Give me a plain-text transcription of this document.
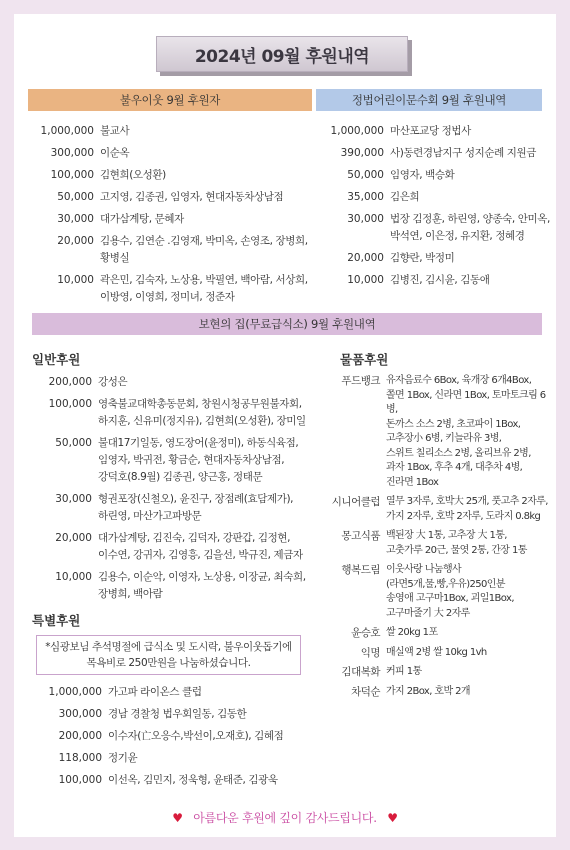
2024년 09월 후원내역
불우이웃 9월 후원자	정법어린이문수회 9월 후원내역
1,000,000 불교사
300,000 이순옥
100,000 김현희(오성환)
50,000 고지영, 김종권, 임영자, 현대자동차상남점
30,000 대가삼계탕, 문혜자
20,000 김용수, 김연순 .김영재, 박미옥, 손영조, 장병희,
황병실
10,000 곽은민, 김숙자, 노상용, 박필연, 백아람, 서상희,
이방영, 이영희, 정미녀, 정준자
1,000,000 마산포교당 정법사
390,000 사)동련경남지구 성지순례 지원금
50,000 임영자, 백승화
35,000 김은희
30,000 법장 김정훈, 하린영, 양종숙, 안미옥,
박석연, 이은정, 유지환, 정혜경
20,000 김향란, 박정미
10,000 김병진, 김시윤, 김동애
보현의 집(무료급식소) 9월 후원내역
일반후원
200,000 강성은
100,000 영축불교대학총동문회, 창원시청공무원불자회,
하지훈, 신유미(정지유), 김현희(오성환), 장미일
50,000 불대17기일동, 영도장어(윤정미), 하동식육점,
임영자, 박귀전, 황금순, 현대자동차상남점,
강덕호(8.9월) 김종권, 양근홍, 정태문
30,000 형권포장(신철오), 윤진구, 장점례(효담제가),
하린영, 마산가고파방문
20,000 대가삼계탕, 김진숙, 김덕자, 강판갑, 김정현,
이수연, 강귀자, 김영흥, 김을선, 박규진, 제금자
10,000 김용수, 이순악, 이영자, 노상용, 이장균, 최숙희,
장병희, 백아람
특별후원
*심광보님 추석명절에 급식소 및 도시락, 불우이웃돕기에
목욕비로 250만원을 나눔하셨습니다.
1,000,000 가고파 라이온스 클럽
300,000 경남 경찰청 법우회일동, 김동한
200,000 이수자(亡오응수,박선이,오재호), 김혜점
118,000 정기윤
100,000 이선옥, 김민지, 정욱형, 윤태준, 김광욱
물품후원
푸드뱅크 유자음료수 6Box, 육개장 6개4Box,
쫄면 1Box, 신라면 1Box, 토마토크림 6병,
돈까스 소스 2병, 초코파이 1Box,
고추장小 6병, 키늘라유 3병,
스위트 칠리소스 2병, 올리브유 2병,
과자 1Box, 후추 4개, 대추차 4병,
진라면 1Box
시니어클럽 열무 3자루, 호박大 25개, 풋고추 2자루,
가지 2자루, 호박 2자루, 도라지 0.8kg
몽고식품 백된장 大 1통, 고추장 大 1통,
고춧가루 20근, 물엿 2통, 간장 1통
행복드림 이웃사랑 나눔행사
(라면5개,물,빵,우유)250인분
송영애 고구마1Box, 괴일1Box,
고구마줄기 大 2자루
윤승호 쌀 20kg 1포
익명 매실액 2병 쌀 10kg 1vh
김대복화 커피 1통
차덕순 가지 2Box, 호박 2개
♥ 아름다운 후원에 깊이 감사드립니다. ♥
